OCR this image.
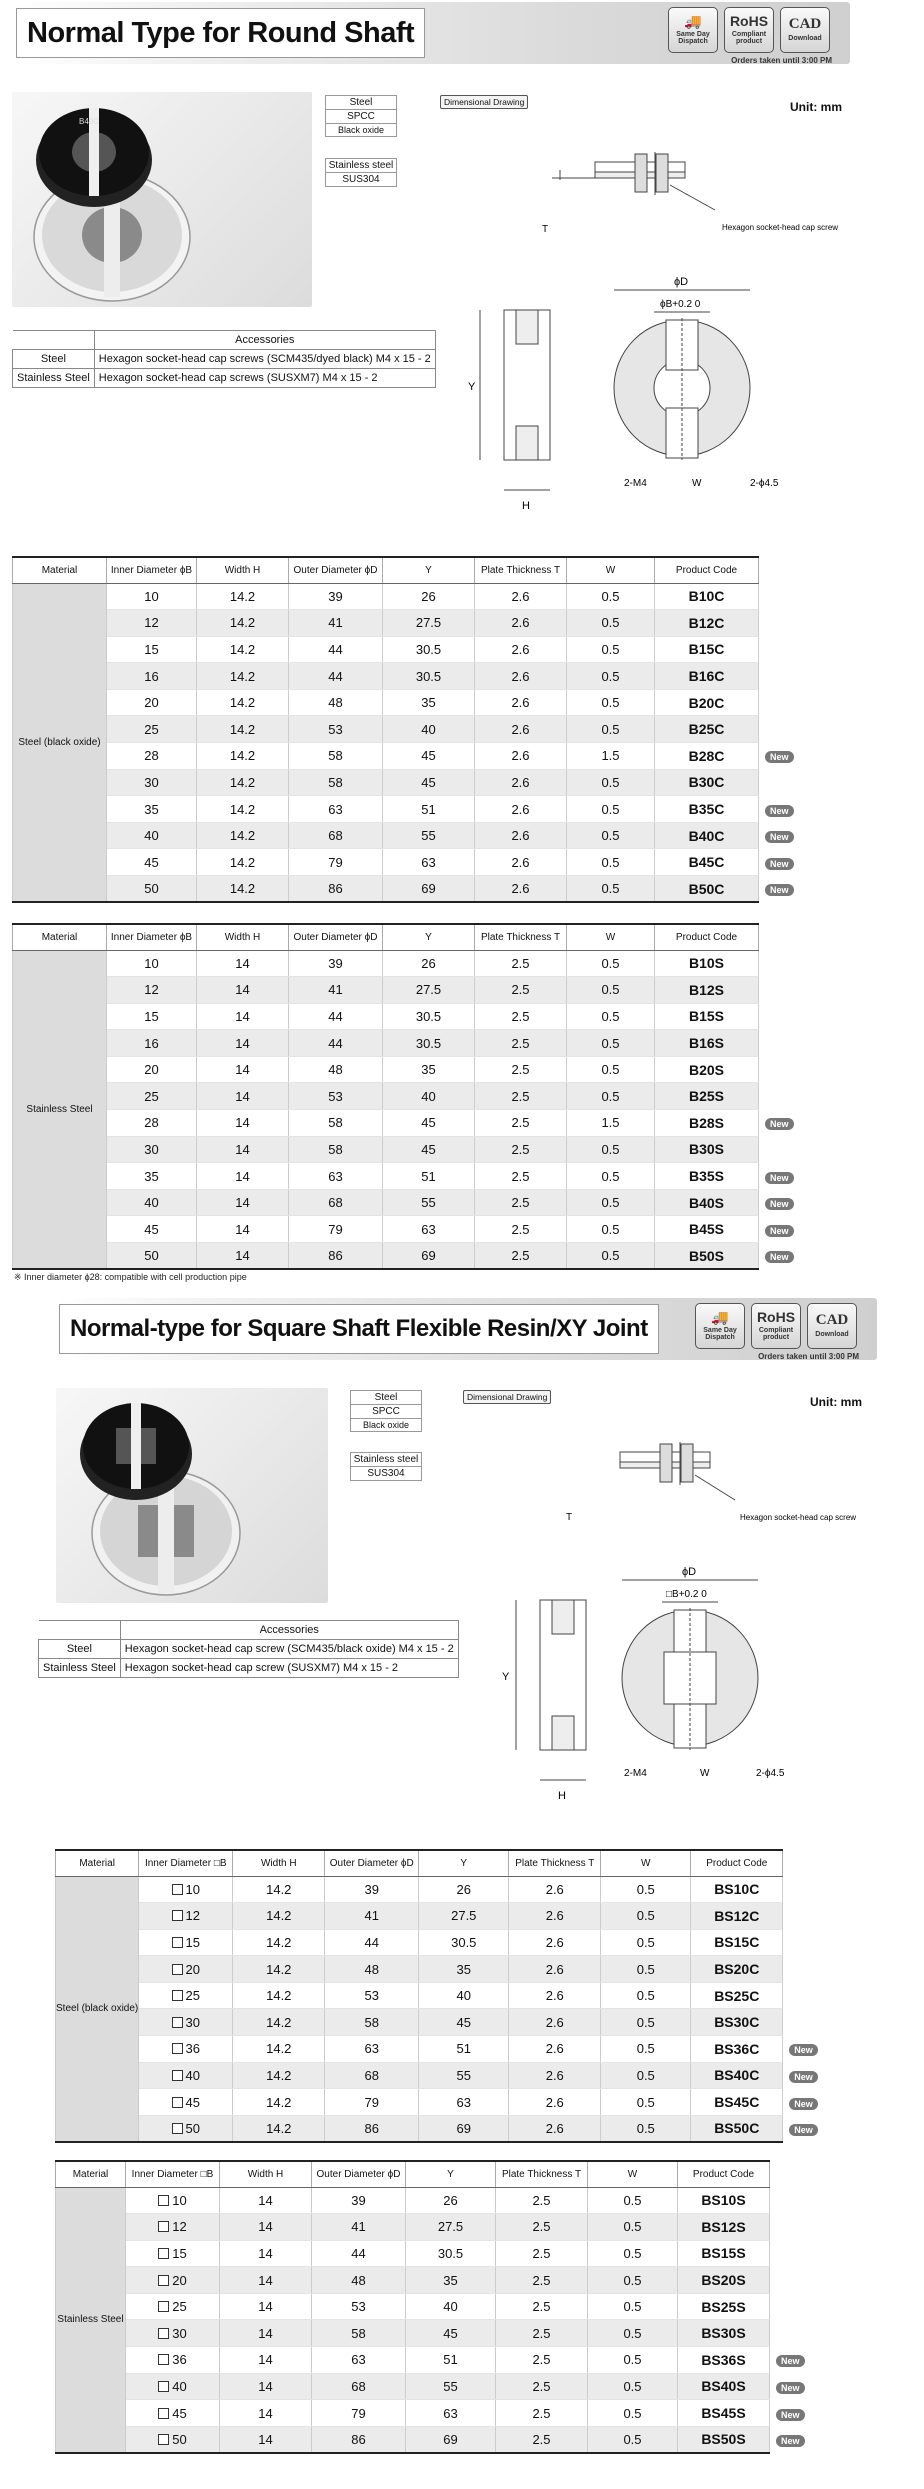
Normal Type for Round Shaft	🚚
Same Day Dispatch
RoHS
Compliant product
CAD
Download
Orders taken until 3:00 PM
B40C
Steel
SPCC
Black oxide
Stainless steel
SUS304
Dimensional Drawing	Unit: mm
	Accessories
Steel	Hexagon socket-head cap screws (SCM435/dyed black) M4 x 15 - 2
Stainless Steel	Hexagon socket-head cap screws (SUSXM7) M4 x 15 - 2
T	Hexagon socket-head cap screw
Y
H
ϕD
ϕB+0.2 0
2-M4	W	2-ϕ4.5
Material	Inner Diameter ϕB	Width H	Outer Diameter ϕD	Y	Plate Thickness T	W	Product Code	
Steel (black oxide)	10	14.2	39	26	2.6	0.5	B10C	
	12	14.2	41	27.5	2.6	0.5	B12C	
	15	14.2	44	30.5	2.6	0.5	B15C	
	16	14.2	44	30.5	2.6	0.5	B16C	
	20	14.2	48	35	2.6	0.5	B20C	
	25	14.2	53	40	2.6	0.5	B25C	
	28	14.2	58	45	2.6	1.5	B28C	New
	30	14.2	58	45	2.6	0.5	B30C	
	35	14.2	63	51	2.6	0.5	B35C	New
	40	14.2	68	55	2.6	0.5	B40C	New
	45	14.2	79	63	2.6	0.5	B45C	New
	50	14.2	86	69	2.6	0.5	B50C	New
Material	Inner Diameter ϕB	Width H	Outer Diameter ϕD	Y	Plate Thickness T	W	Product Code	
Stainless Steel	10	14	39	26	2.5	0.5	B10S	
	12	14	41	27.5	2.5	0.5	B12S	
	15	14	44	30.5	2.5	0.5	B15S	
	16	14	44	30.5	2.5	0.5	B16S	
	20	14	48	35	2.5	0.5	B20S	
	25	14	53	40	2.5	0.5	B25S	
	28	14	58	45	2.5	1.5	B28S	New
	30	14	58	45	2.5	0.5	B30S	
	35	14	63	51	2.5	0.5	B35S	New
	40	14	68	55	2.5	0.5	B40S	New
	45	14	79	63	2.5	0.5	B45S	New
	50	14	86	69	2.5	0.5	B50S	New
※ Inner diameter ϕ28: compatible with cell production pipe
Normal-type for Square Shaft Flexible Resin/XY Joint	🚚
Same Day Dispatch
RoHS
Compliant product
CAD
Download
Orders taken until 3:00 PM
Steel
SPCC
Black oxide
Stainless steel
SUS304
Dimensional Drawing	Unit: mm
	Accessories
Steel	Hexagon socket-head cap screw (SCM435/black oxide) M4 x 15 - 2
Stainless Steel	Hexagon socket-head cap screw (SUSXM7) M4 x 15 - 2
T	Hexagon socket-head cap screw
Y
H
ϕD
□B+0.2 0
2-M4	W	2-ϕ4.5
Material	Inner Diameter □B	Width H	Outer Diameter ϕD	Y	Plate Thickness T	W	Product Code	
Steel (black oxide)	10	14.2	39	26	2.6	0.5	BS10C	
	12	14.2	41	27.5	2.6	0.5	BS12C	
	15	14.2	44	30.5	2.6	0.5	BS15C	
	20	14.2	48	35	2.6	0.5	BS20C	
	25	14.2	53	40	2.6	0.5	BS25C	
	30	14.2	58	45	2.6	0.5	BS30C	
	36	14.2	63	51	2.6	0.5	BS36C	New
	40	14.2	68	55	2.6	0.5	BS40C	New
	45	14.2	79	63	2.6	0.5	BS45C	New
	50	14.2	86	69	2.6	0.5	BS50C	New
Material	Inner Diameter □B	Width H	Outer Diameter ϕD	Y	Plate Thickness T	W	Product Code	
Stainless Steel	10	14	39	26	2.5	0.5	BS10S	
	12	14	41	27.5	2.5	0.5	BS12S	
	15	14	44	30.5	2.5	0.5	BS15S	
	20	14	48	35	2.5	0.5	BS20S	
	25	14	53	40	2.5	0.5	BS25S	
	30	14	58	45	2.5	0.5	BS30S	
	36	14	63	51	2.5	0.5	BS36S	New
	40	14	68	55	2.5	0.5	BS40S	New
	45	14	79	63	2.5	0.5	BS45S	New
	50	14	86	69	2.5	0.5	BS50S	New
